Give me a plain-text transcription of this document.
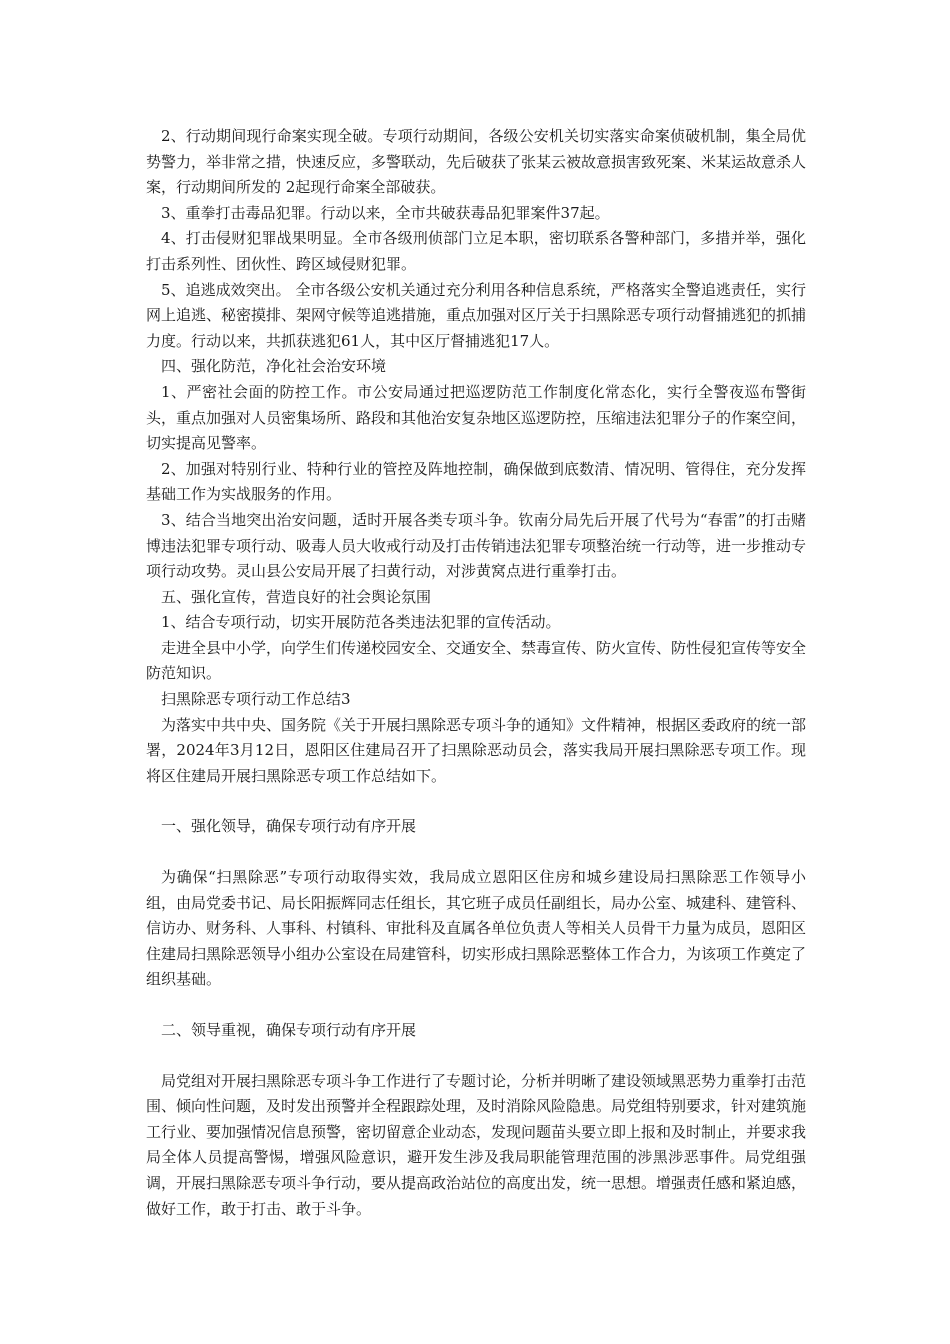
2、行动期间现行命案实现全破。专项行动期间，各级公安机关切实落实命案侦破机制，集全局优势警力，举非常之措，快速反应，多警联动，先后破获了张某云被故意损害致死案、米某运故意杀人案，行动期间所发的 2起现行命案全部破获。

3、重拳打击毒品犯罪。行动以来，全市共破获毒品犯罪案件37起。

4、打击侵财犯罪战果明显。全市各级刑侦部门立足本职，密切联系各警种部门，多措并举，强化打击系列性、团伙性、跨区域侵财犯罪。

5、追逃成效突出。 全市各级公安机关通过充分利用各种信息系统，严格落实全警追逃责任，实行网上追逃、秘密摸排、架网守候等追逃措施，重点加强对区厅关于扫黑除恶专项行动督捕逃犯的抓捕力度。行动以来，共抓获逃犯61人，其中区厅督捕逃犯17人。

四、强化防范，净化社会治安环境

1、严密社会面的防控工作。市公安局通过把巡逻防范工作制度化常态化，实行全警夜巡布警街头，重点加强对人员密集场所、路段和其他治安复杂地区巡逻防控，压缩违法犯罪分子的作案空间，切实提高见警率。

2、加强对特别行业、特种行业的管控及阵地控制，确保做到底数清、情况明、管得住，充分发挥基础工作为实战服务的作用。

3、结合当地突出治安问题，适时开展各类专项斗争。钦南分局先后开展了代号为“春雷”的打击赌博违法犯罪专项行动、吸毒人员大收戒行动及打击传销违法犯罪专项整治统一行动等，进一步推动专项行动攻势。灵山县公安局开展了扫黄行动，对涉黄窝点进行重拳打击。

五、强化宣传，营造良好的社会舆论氛围

1、结合专项行动，切实开展防范各类违法犯罪的宣传活动。

走进全县中小学，向学生们传递校园安全、交通安全、禁毒宣传、防火宣传、防性侵犯宣传等安全防范知识。

扫黑除恶专项行动工作总结3

为落实中共中央、国务院《关于开展扫黑除恶专项斗争的通知》文件精神，根据区委政府的统一部署，2024年3月12日，恩阳区住建局召开了扫黑除恶动员会，落实我局开展扫黑除恶专项工作。现将区住建局开展扫黑除恶专项工作总结如下。

一、强化领导，确保专项行动有序开展

为确保“扫黑除恶”专项行动取得实效，我局成立恩阳区住房和城乡建设局扫黑除恶工作领导小组，由局党委书记、局长阳振辉同志任组长，其它班子成员任副组长，局办公室、城建科、建管科、信访办、财务科、人事科、村镇科、审批科及直属各单位负责人等相关人员骨干力量为成员，恩阳区住建局扫黑除恶领导小组办公室设在局建管科，切实形成扫黑除恶整体工作合力，为该项工作奠定了组织基础。

二、领导重视，确保专项行动有序开展

局党组对开展扫黑除恶专项斗争工作进行了专题讨论，分析并明晰了建设领域黑恶势力重拳打击范围、倾向性问题，及时发出预警并全程跟踪处理，及时消除风险隐患。局党组特别要求，针对建筑施工行业、要加强情况信息预警，密切留意企业动态，发现问题苗头要立即上报和及时制止，并要求我局全体人员提高警惕，增强风险意识，避开发生涉及我局职能管理范围的涉黑涉恶事件。局党组强调，开展扫黑除恶专项斗争行动，要从提高政治站位的高度出发，统一思想。增强责任感和紧迫感，做好工作，敢于打击、敢于斗争。
